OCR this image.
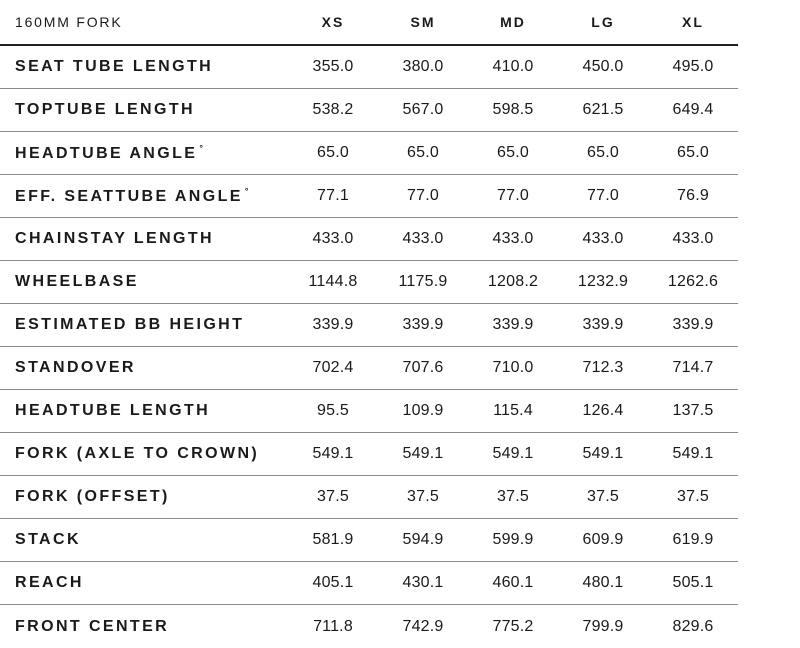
160MM FORK	XS	SM	MD	LG	XL
SEAT TUBE LENGTH	355.0	380.0	410.0	450.0	495.0
TOPTUBE LENGTH	538.2	567.0	598.5	621.5	649.4
HEADTUBE ANGLE °	65.0	65.0	65.0	65.0	65.0
EFF. SEATTUBE ANGLE °	77.1	77.0	77.0	77.0	76.9
CHAINSTAY LENGTH	433.0	433.0	433.0	433.0	433.0
WHEELBASE	1144.8	1175.9	1208.2	1232.9	1262.6
ESTIMATED BB HEIGHT	339.9	339.9	339.9	339.9	339.9
STANDOVER	702.4	707.6	710.0	712.3	714.7
HEADTUBE LENGTH	95.5	109.9	115.4	126.4	137.5
FORK (AXLE TO CROWN)	549.1	549.1	549.1	549.1	549.1
FORK (OFFSET)	37.5	37.5	37.5	37.5	37.5
STACK	581.9	594.9	599.9	609.9	619.9
REACH	405.1	430.1	460.1	480.1	505.1
FRONT CENTER	711.8	742.9	775.2	799.9	829.6
